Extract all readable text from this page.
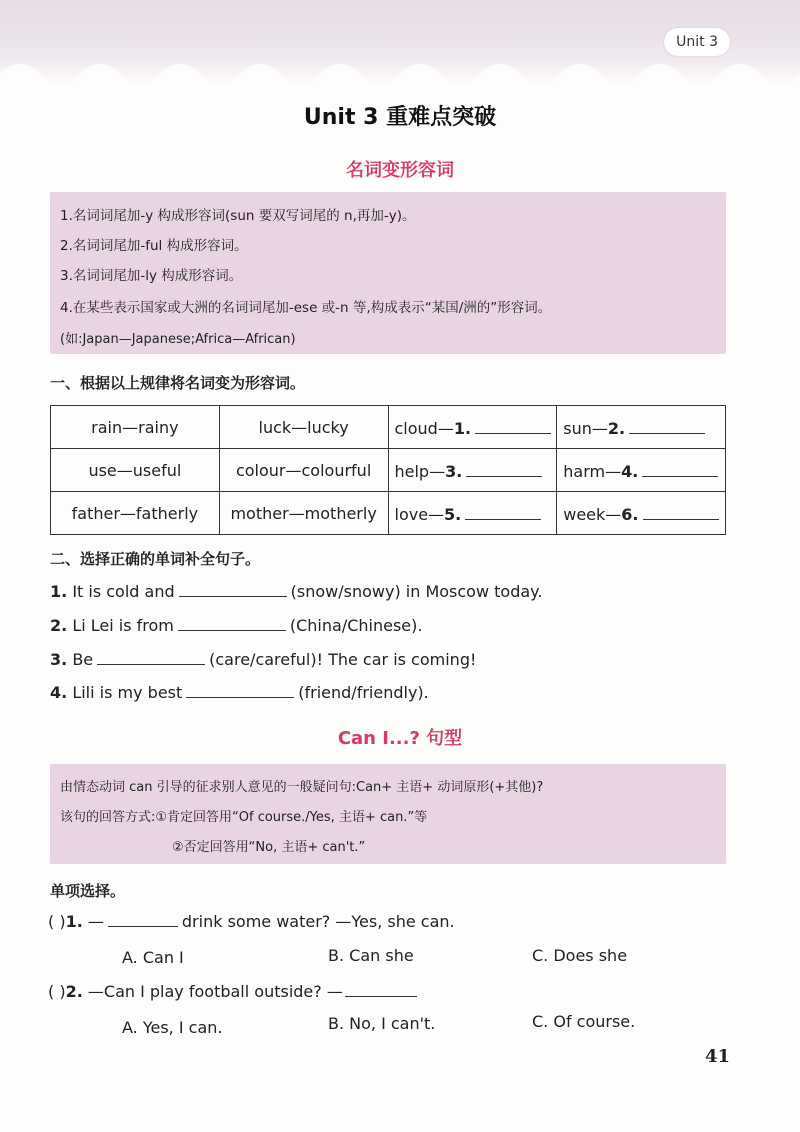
Unit 3
Unit 3 重难点突破
名词变形容词
1.名词词尾加-y 构成形容词(sun 要双写词尾的 n,再加-y)。
2.名词词尾加-ful 构成形容词。
3.名词词尾加-ly 构成形容词。
4.在某些表示国家或大洲的名词词尾加-ese 或-n 等,构成表示“某国/洲的”形容词。
(如:Japan—Japanese;Africa—African)
一、根据以上规律将名词变为形容词。
rain—rainy	luck—lucky	cloud—1.	sun—2.
use—useful	colour—colourful	help—3.	harm—4.
father—fatherly	mother—motherly	love—5.	week—6.
二、选择正确的单词补全句子。
1. It is cold and	(snow/snowy) in Moscow today.
2. Li Lei is from	(China/Chinese).
3. Be	(care/careful)! The car is coming!
4. Lili is my best	(friend/friendly).
Can I...? 句型
由情态动词 can 引导的征求别人意见的一般疑问句:Can+ 主语+ 动词原形(+其他)?
该句的回答方式:①肯定回答用“Of course./Yes, 主语+ can.”等
②否定回答用“No, 主语+ can't.”
单项选择。
( )1. —	drink some water? —Yes, she can.
A. Can I	B. Can she	C. Does she
( )2. —Can I play football outside? —
A. Yes, I can.	B. No, I can't.	C. Of course.
41
